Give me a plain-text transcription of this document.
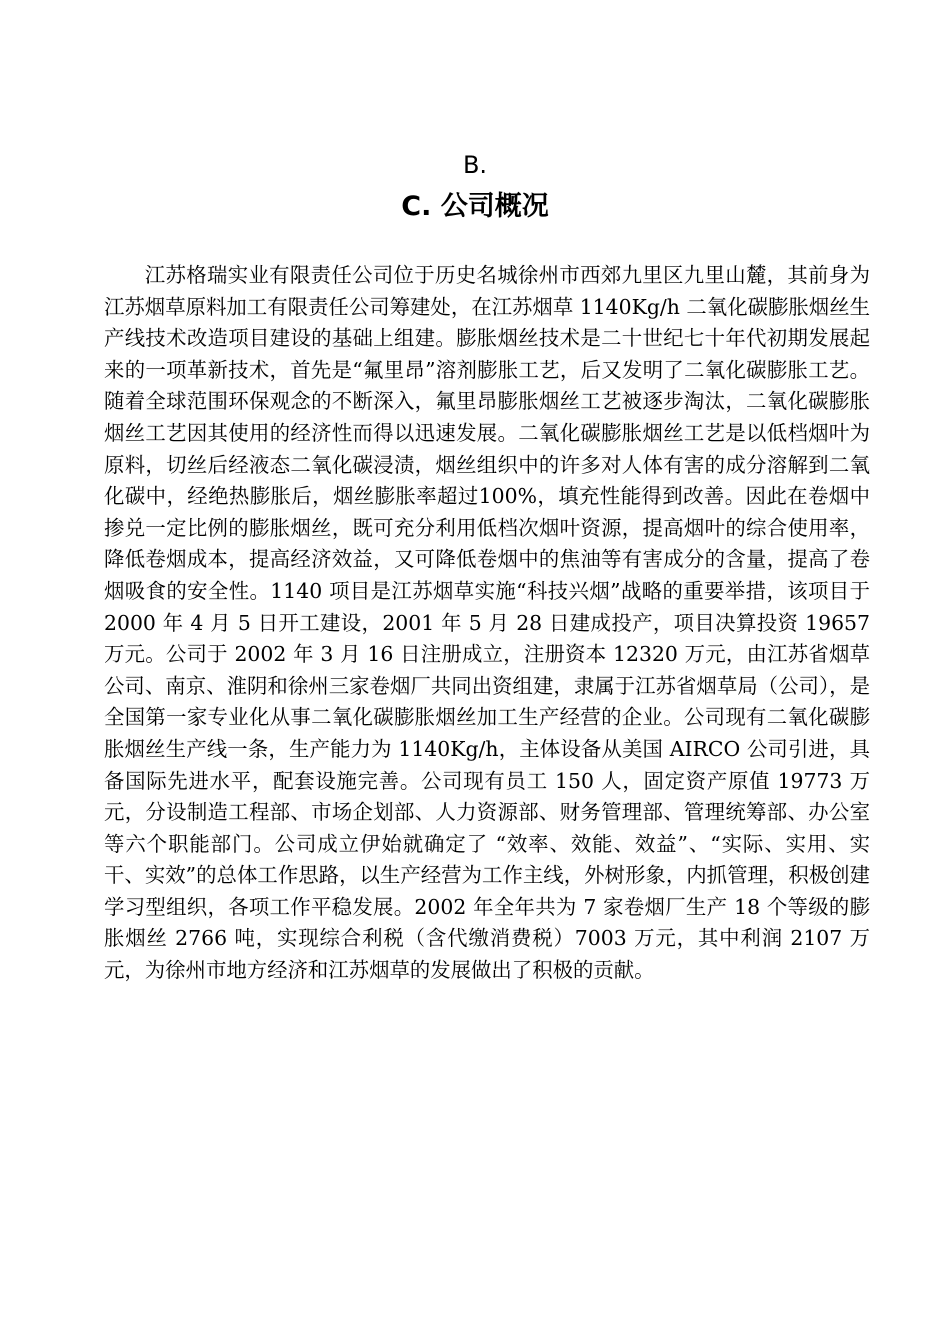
B.
C. 公司概况

江苏格瑞实业有限责任公司位于历史名城徐州市西郊九里区九里山麓，其前身为江苏烟草原料加工有限责任公司筹建处，在江苏烟草 1140Kg/h 二氧化碳膨胀烟丝生产线技术改造项目建设的基础上组建。膨胀烟丝技术是二十世纪七十年代初期发展起来的一项革新技术，首先是“氟里昂”溶剂膨胀工艺，后又发明了二氧化碳膨胀工艺。随着全球范围环保观念的不断深入，氟里昂膨胀烟丝工艺被逐步淘汰，二氧化碳膨胀烟丝工艺因其使用的经济性而得以迅速发展。二氧化碳膨胀烟丝工艺是以低档烟叶为原料，切丝后经液态二氧化碳浸渍，烟丝组织中的许多对人体有害的成分溶解到二氧化碳中，经绝热膨胀后，烟丝膨胀率超过100%，填充性能得到改善。因此在卷烟中掺兑一定比例的膨胀烟丝，既可充分利用低档次烟叶资源，提高烟叶的综合使用率，降低卷烟成本，提高经济效益，又可降低卷烟中的焦油等有害成分的含量，提高了卷烟吸食的安全性。1140 项目是江苏烟草实施“科技兴烟”战略的重要举措，该项目于 2000 年 4 月 5 日开工建设，2001 年 5 月 28 日建成投产，项目决算投资 19657 万元。公司于 2002 年 3 月 16 日注册成立，注册资本 12320 万元，由江苏省烟草公司、南京、淮阴和徐州三家卷烟厂共同出资组建，隶属于江苏省烟草局（公司），是全国第一家专业化从事二氧化碳膨胀烟丝加工生产经营的企业。公司现有二氧化碳膨胀烟丝生产线一条，生产能力为 1140Kg/h，主体设备从美国 AIRCO 公司引进，具备国际先进水平，配套设施完善。公司现有员工 150 人，固定资产原值 19773 万元，分设制造工程部、市场企划部、人力资源部、财务管理部、管理统筹部、办公室等六个职能部门。公司成立伊始就确定了 “效率、效能、效益”、“实际、实用、实干、实效”的总体工作思路，以生产经营为工作主线，外树形象，内抓管理，积极创建学习型组织，各项工作平稳发展。2002 年全年共为 7 家卷烟厂生产 18 个等级的膨胀烟丝 2766 吨，实现综合利税（含代缴消费税）7003 万元，其中利润 2107 万元，为徐州市地方经济和江苏烟草的发展做出了积极的贡献。
